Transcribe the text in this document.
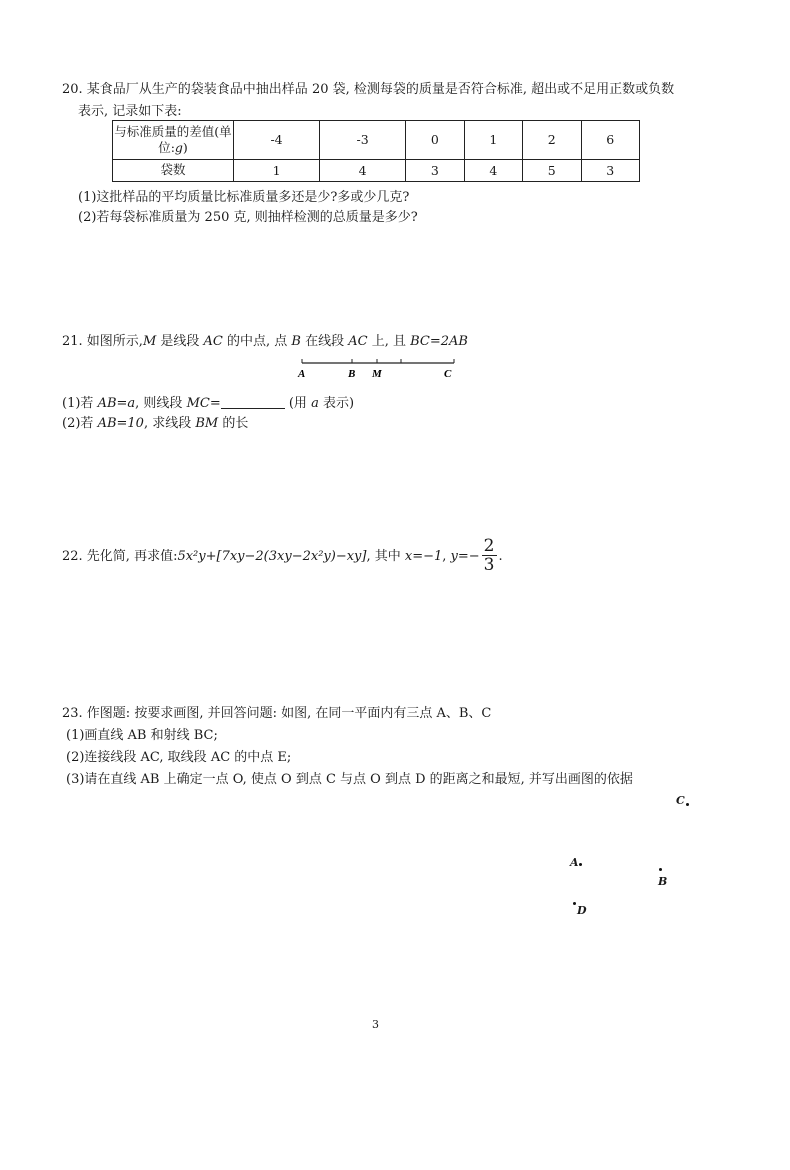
20. 某食品厂从生产的袋装食品中抽出样品 20 袋, 检测每袋的质量是否符合标准, 超出或不足用正数或负数
表示, 记录如下表:
与标准质量的差值(单
位:g)	-4	-3	0	1	2	6
袋数	1	4	3	4	5	3
(1)这批样品的平均质量比标准质量多还是少?多或少几克?
(2)若每袋标准质量为 250 克, 则抽样检测的总质量是多少?
21. 如图所示,M 是线段 AC 的中点, 点 B 在线段 AC 上, 且 BC=2AB
A	B M	C
(1)若 AB=a, 则线段 MC=	(用 a 表示)
(2)若 AB=10, 求线段 BM 的长
22. 先化简, 再求值:5x²y+[7xy−2(3xy−2x²y)−xy], 其中 x=−1, $y=- \frac{2}{3}$ .
23. 作图题: 按要求画图, 并回答问题: 如图, 在同一平面内有三点 A、B、C
(1)画直线 AB 和射线 BC;
(2)连接线段 AC, 取线段 AC 的中点 E;
(3)请在直线 AB 上确定一点 O, 使点 O 到点 C 与点 O 到点 D 的距离之和最短, 并写出画图的依据
C
A
B
D
3
